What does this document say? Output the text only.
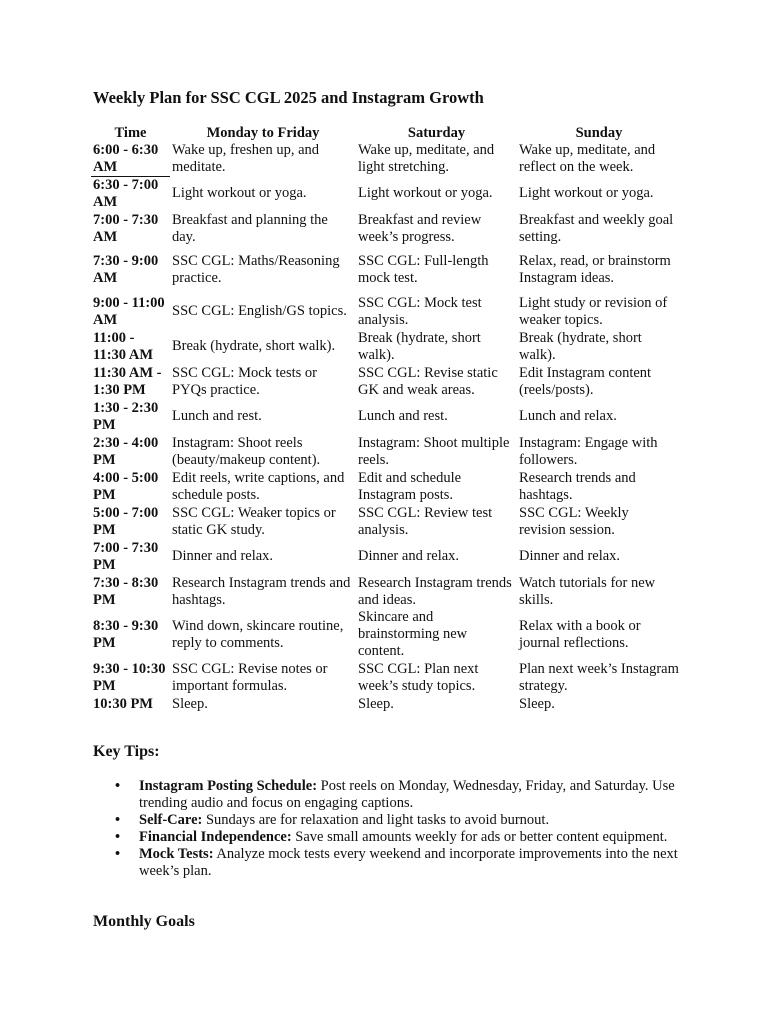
Weekly Plan for SSC CGL 2025 and Instagram Growth
Time	Monday to Friday	Saturday	Sunday
6:00 - 6:30 AM	Wake up, freshen up, and meditate.	Wake up, meditate, and light stretching.	Wake up, meditate, and reflect on the week.
6:30 - 7:00 AM	Light workout or yoga.	Light workout or yoga.	Light workout or yoga.
7:00 - 7:30 AM	Breakfast and planning the day.	Breakfast and review week’s progress.	Breakfast and weekly goal setting.
7:30 - 9:00 AM	SSC CGL: Maths/Reasoning practice.	SSC CGL: Full-length mock test.	Relax, read, or brainstorm Instagram ideas.
9:00 - 11:00 AM	SSC CGL: English/GS topics.	SSC CGL: Mock test analysis.	Light study or revision of weaker topics.
11:00 - 11:30 AM	Break (hydrate, short walk).	Break (hydrate, short walk).	Break (hydrate, short walk).
11:30 AM - 1:30 PM	SSC CGL: Mock tests or PYQs practice.	SSC CGL: Revise static GK and weak areas.	Edit Instagram content (reels/posts).
1:30 - 2:30 PM	Lunch and rest.	Lunch and rest.	Lunch and relax.
2:30 - 4:00 PM	Instagram: Shoot reels (beauty/makeup content).	Instagram: Shoot multiple reels.	Instagram: Engage with followers.
4:00 - 5:00 PM	Edit reels, write captions, and schedule posts.	Edit and schedule Instagram posts.	Research trends and hashtags.
5:00 - 7:00 PM	SSC CGL: Weaker topics or static GK study.	SSC CGL: Review test analysis.	SSC CGL: Weekly revision session.
7:00 - 7:30 PM	Dinner and relax.	Dinner and relax.	Dinner and relax.
7:30 - 8:30 PM	Research Instagram trends and hashtags.	Research Instagram trends and ideas.	Watch tutorials for new skills.
8:30 - 9:30 PM	Wind down, skincare routine, reply to comments.	Skincare and brainstorming new content.	Relax with a book or journal reflections.
9:30 - 10:30 PM	SSC CGL: Revise notes or important formulas.	SSC CGL: Plan next week’s study topics.	Plan next week’s Instagram strategy.
10:30 PM	Sleep.	Sleep.	Sleep.
Key Tips:
• Instagram Posting Schedule: Post reels on Monday, Wednesday, Friday, and Saturday. Use trending audio and focus on engaging captions.
• Self-Care: Sundays are for relaxation and light tasks to avoid burnout.
• Financial Independence: Save small amounts weekly for ads or better content equipment.
• Mock Tests: Analyze mock tests every weekend and incorporate improvements into the next week’s plan.
Monthly Goals
